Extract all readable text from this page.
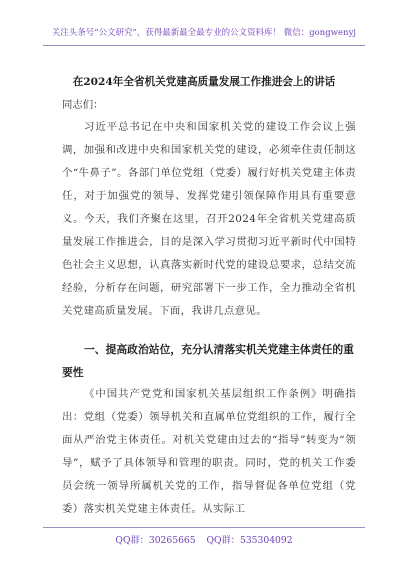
关注头条号“公文研究”，获得最新最全最专业的公文资料库！ 微信：gongwenyj
在2024年全省机关党建高质量发展工作推进会上的讲话
同志们：

习近平总书记在中央和国家机关党的建设工作会议上强调，加强和改进中央和国家机关党的建设，必须牵住责任制这个“牛鼻子”。各部门单位党组（党委）履行好机关党建主体责任，对于加强党的领导、发挥党建引领保障作用具有重要意义。今天，我们齐聚在这里，召开2024年全省机关党建高质量发展工作推进会，目的是深入学习贯彻习近平新时代中国特色社会主义思想，认真落实新时代党的建设总要求，总结交流经验，分析存在问题，研究部署下一步工作，全力推动全省机关党建高质量发展。下面，我讲几点意见。

一、提高政治站位，充分认清落实机关党建主体责任的重要性

《中国共产党党和国家机关基层组织工作条例》明确指出：党组（党委）领导机关和直属单位党组织的工作，履行全面从严治党主体责任。对机关党建由过去的“指导”转变为“领导”，赋予了具体领导和管理的职责。同时，党的机关工作委员会统一领导所属机关党的工作，指导督促各单位党组（党委）落实机关党建主体责任。从实际工

QQ群：30265665 QQ群：535304092
